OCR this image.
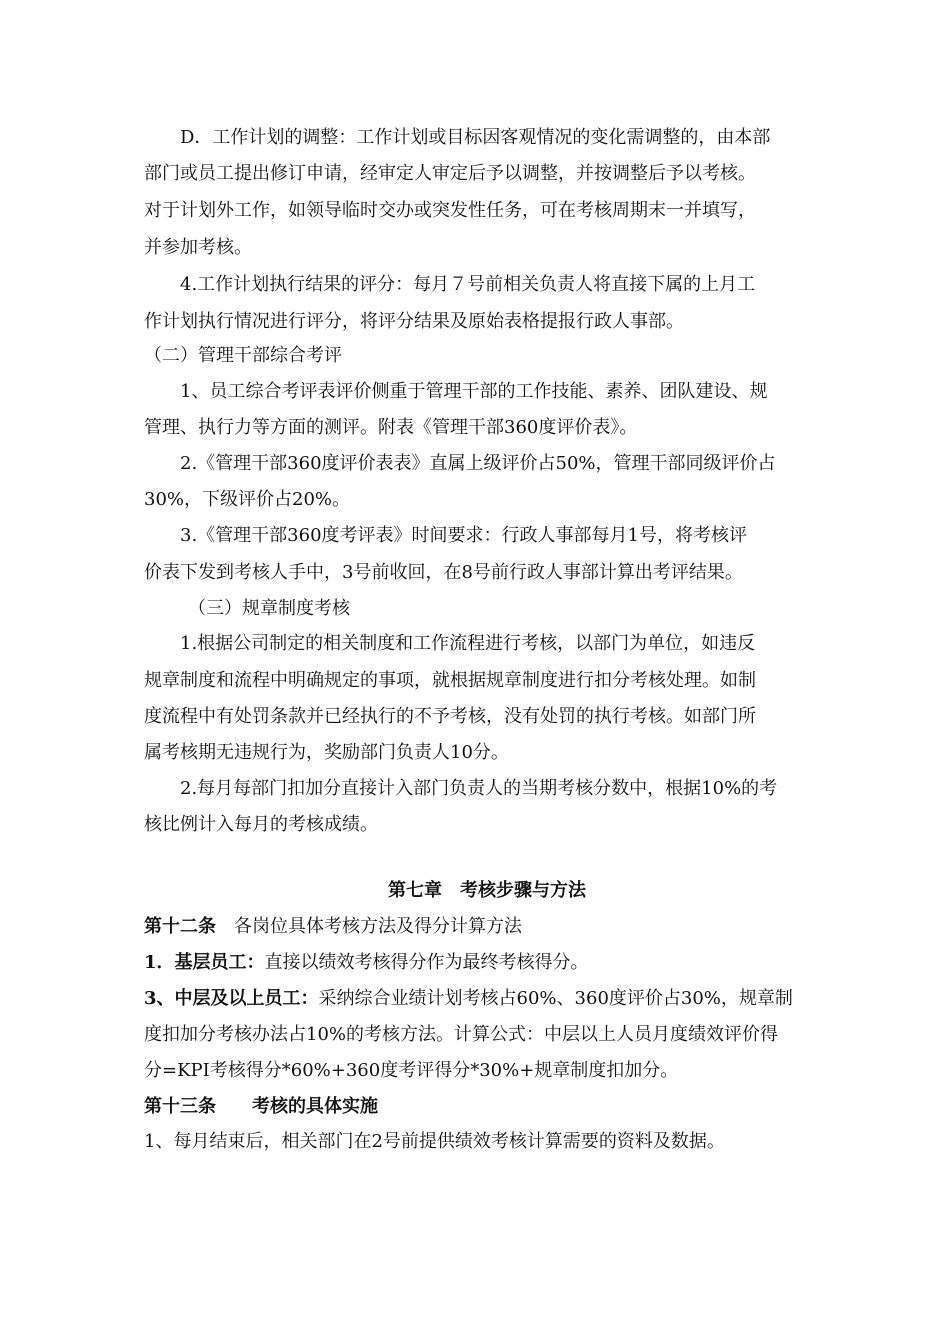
D．工作计划的调整：工作计划或目标因客观情况的变化需调整的，由本部
部门或员工提出修订申请，经审定人审定后予以调整，并按调整后予以考核。
对于计划外工作，如领导临时交办或突发性任务，可在考核周期末一并填写，
并参加考核。
4.工作计划执行结果的评分：每月７号前相关负责人将直接下属的上月工
作计划执行情况进行评分，将评分结果及原始表格提报行政人事部。
（二）管理干部综合考评
1、员工综合考评表评价侧重于管理干部的工作技能、素养、团队建设、规
管理、执行力等方面的测评。附表《管理干部360度评价表》。
2.《管理干部360度评价表表》直属上级评价占50%，管理干部同级评价占
30%，下级评价占20%。
3.《管理干部360度考评表》时间要求：行政人事部每月1号，将考核评
价表下发到考核人手中，3号前收回，在8号前行政人事部计算出考评结果。
（三）规章制度考核
1.根据公司制定的相关制度和工作流程进行考核，以部门为单位，如违反
规章制度和流程中明确规定的事项，就根据规章制度进行扣分考核处理。如制
度流程中有处罚条款并已经执行的不予考核，没有处罚的执行考核。如部门所
属考核期无违规行为，奖励部门负责人10分。
2.每月每部门扣加分直接计入部门负责人的当期考核分数中，根据10%的考
核比例计入每月的考核成绩。
第七章　考核步骤与方法
第十二条　各岗位具体考核方法及得分计算方法
1．基层员工：直接以绩效考核得分作为最终考核得分。
3、中层及以上员工：采纳综合业绩计划考核占60%、360度评价占30%，规章制
度扣加分考核办法占10%的考核方法。计算公式：中层以上人员月度绩效评价得
分=KPI考核得分*60%+360度考评得分*30%+规章制度扣加分。
第十三条　　考核的具体实施
1、每月结束后，相关部门在2号前提供绩效考核计算需要的资料及数据。
